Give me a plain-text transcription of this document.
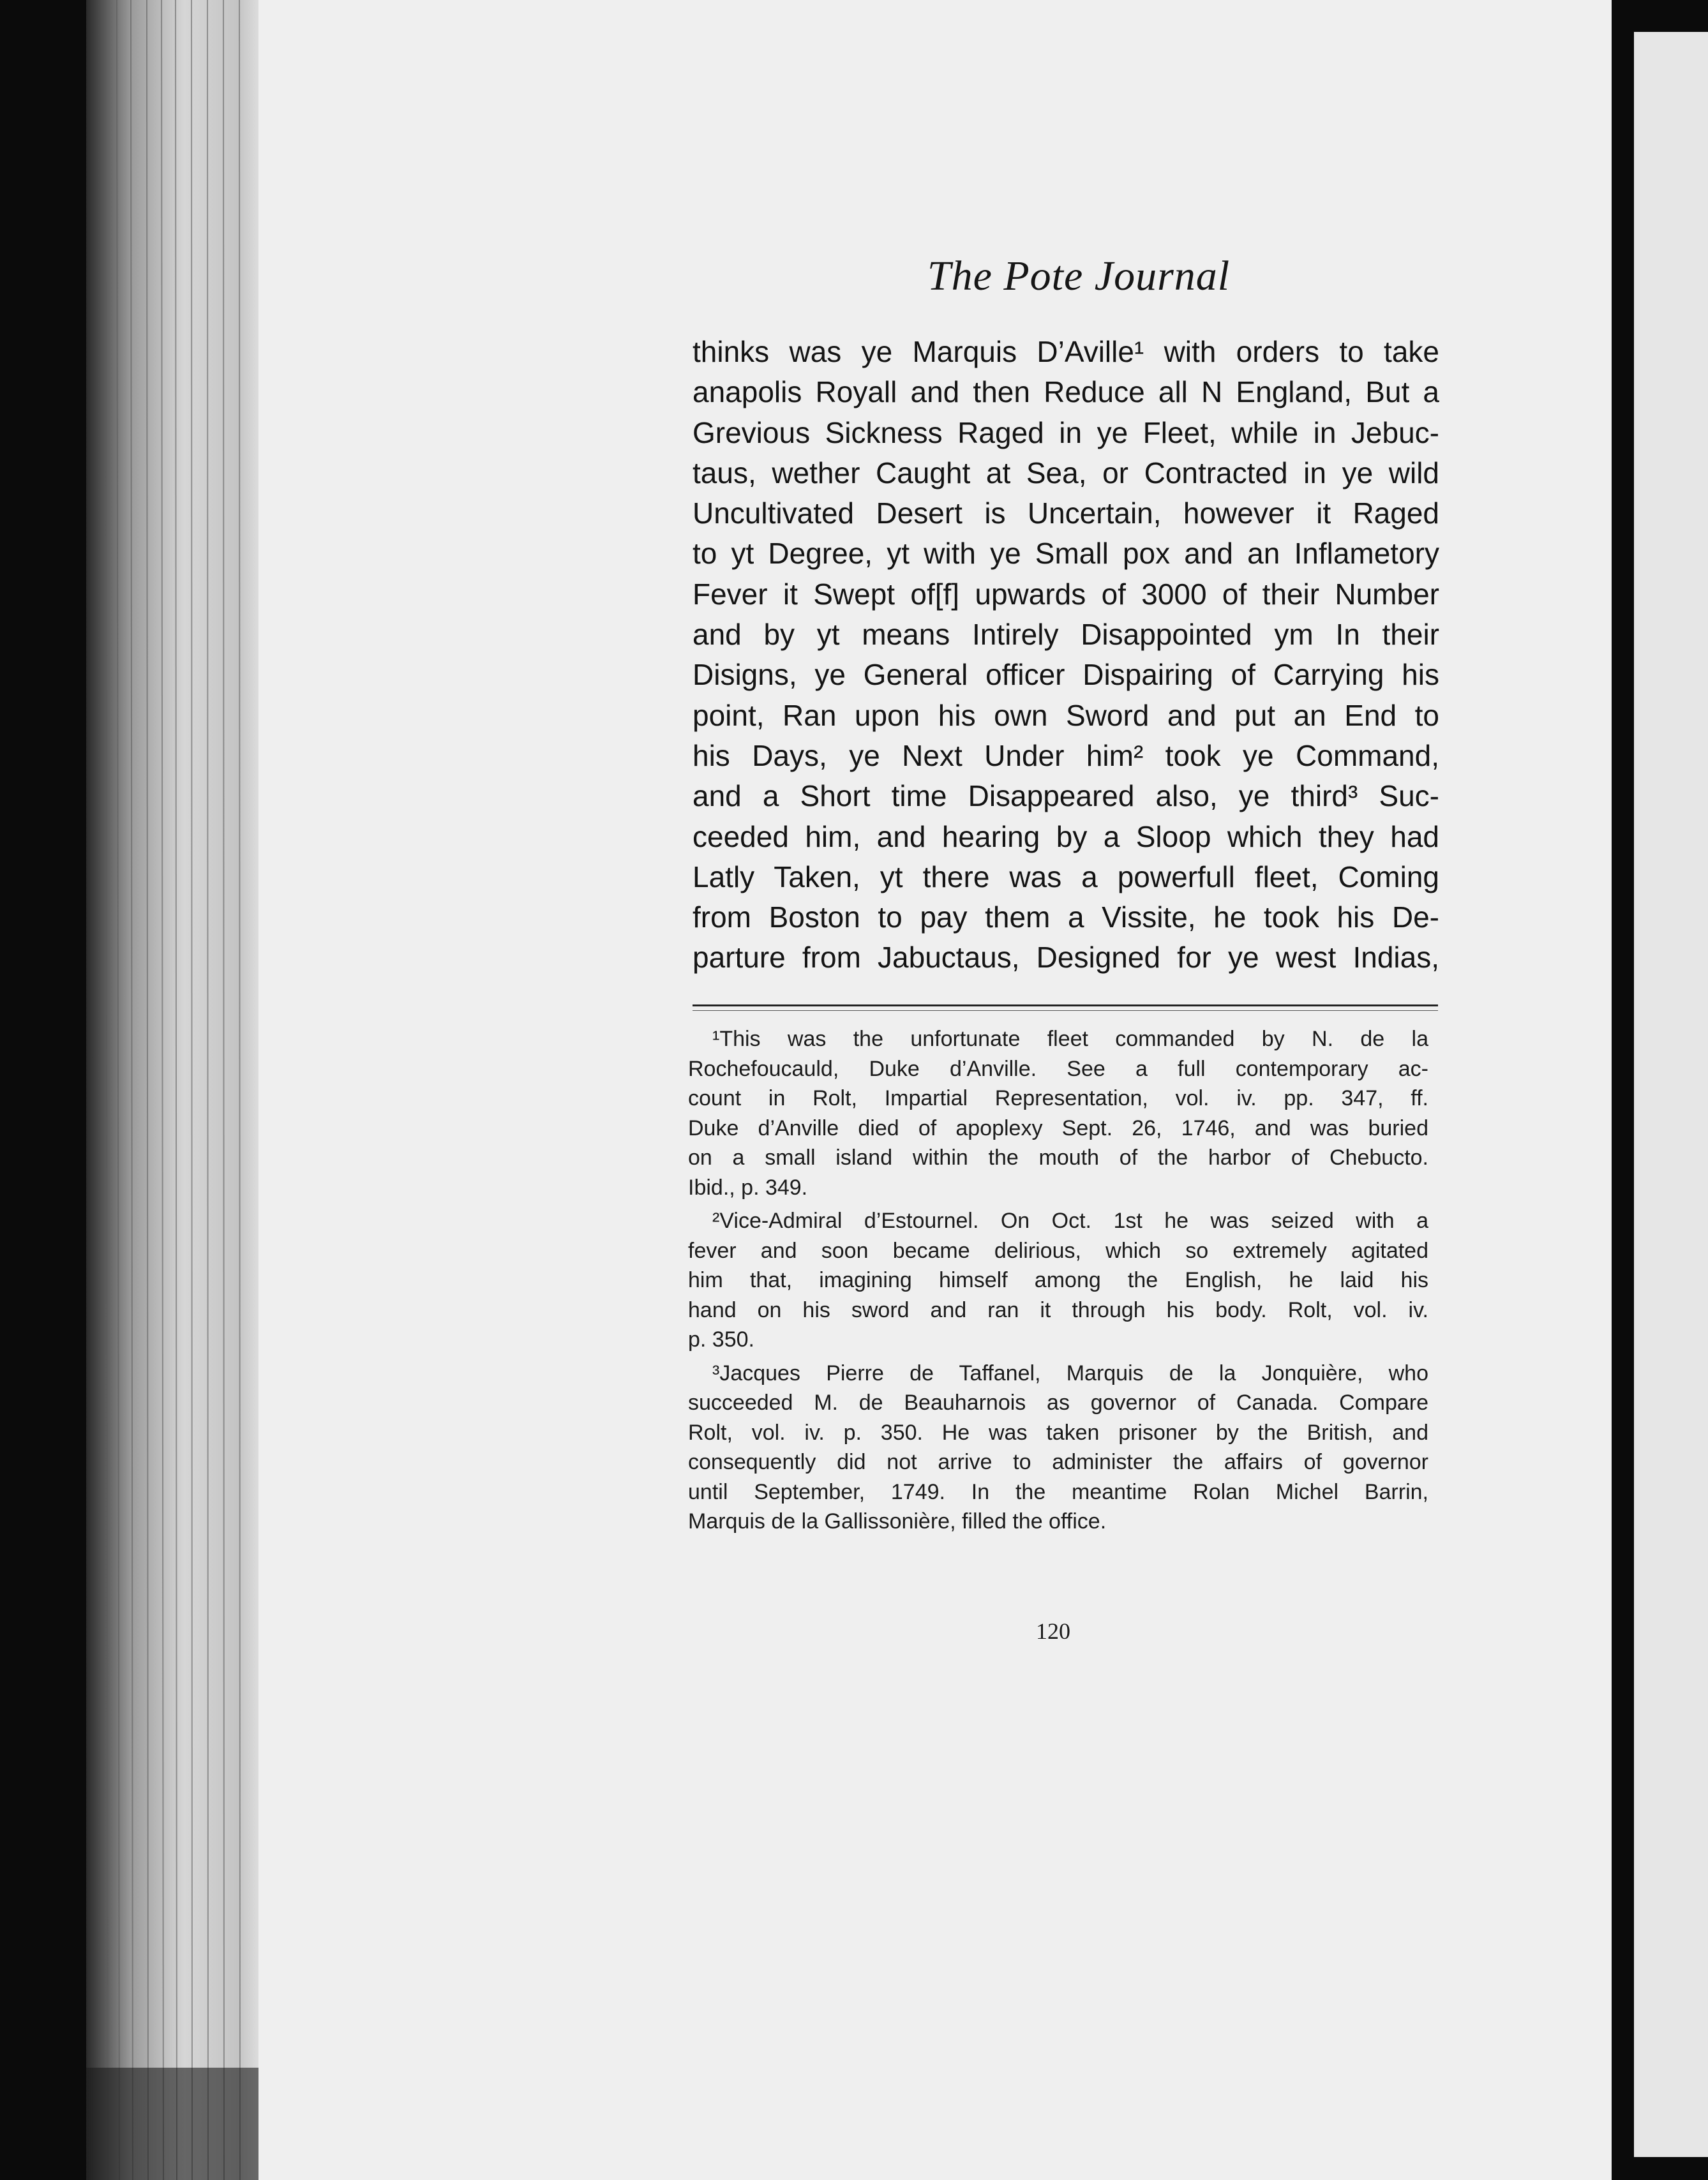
The Pote Journal
thinks was ye Marquis D’Aville¹ with orders to take
anapolis Royall and then Reduce all N England, But a
Grevious Sickness Raged in ye Fleet, while in Jebuc-
taus, wether Caught at Sea, or Contracted in ye wild
Uncultivated Desert is Uncertain, however it Raged
to yt Degree, yt with ye Small pox and an Inflametory
Fever it Swept of[f] upwards of 3000 of their Number
and by yt means Intirely Disappointed ym In their
Disigns, ye General officer Dispairing of Carrying his
point, Ran upon his own Sword and put an End to
his Days, ye Next Under him² took ye Command,
and a Short time Disappeared also, ye third³ Suc-
ceeded him, and hearing by a Sloop which they had
Latly Taken, yt there was a powerfull fleet, Coming
from Boston to pay them a Vissite, he took his De-
parture from Jabuctaus, Designed for ye west Indias,
¹This was the unfortunate fleet commanded by N. de la
Rochefoucauld, Duke d’Anville. See a full contemporary ac-
count in Rolt, Impartial Representation, vol. iv. pp. 347, ff.
Duke d’Anville died of apoplexy Sept. 26, 1746, and was buried
on a small island within the mouth of the harbor of Chebucto.
Ibid., p. 349.
²Vice-Admiral d’Estournel. On Oct. 1st he was seized with a
fever and soon became delirious, which so extremely agitated
him that, imagining himself among the English, he laid his
hand on his sword and ran it through his body. Rolt, vol. iv.
p. 350.
³Jacques Pierre de Taffanel, Marquis de la Jonquière, who
succeeded M. de Beauharnois as governor of Canada. Compare
Rolt, vol. iv. p. 350. He was taken prisoner by the British, and
consequently did not arrive to administer the affairs of governor
until September, 1749. In the meantime Rolan Michel Barrin,
Marquis de la Gallissonière, filled the office.
120
